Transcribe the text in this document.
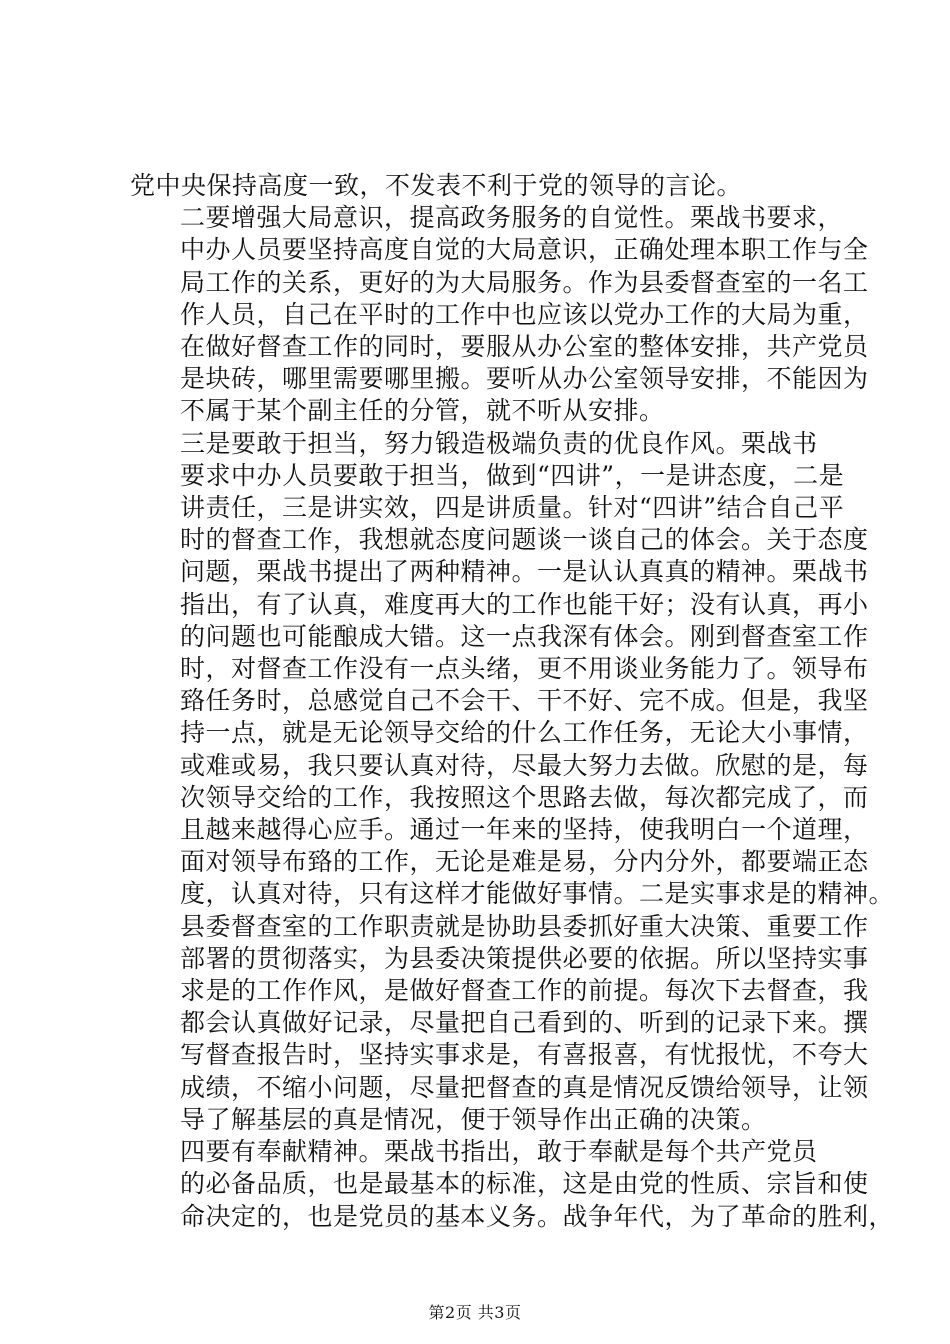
党中央保持高度一致，不发表不利于党的领导的言论。

二要增强大局意识，提高政务服务的自觉性。栗战书要求，
中办人员要坚持高度自觉的大局意识，正确处理本职工作与全
局工作的关系，更好的为大局服务。作为县委督查室的一名工
作人员，自己在平时的工作中也应该以党办工作的大局为重，
在做好督查工作的同时，要服从办公室的整体安排，共产党员
是块砖，哪里需要哪里搬。要听从办公室领导安排，不能因为
不属于某个副主任的分管，就不听从安排。

三是要敢于担当，努力锻造极端负责的优良作风。栗战书
要求中办人员要敢于担当，做到“四讲”，一是讲态度，二是
讲责任，三是讲实效，四是讲质量。针对“四讲”结合自己平
时的督查工作，我想就态度问题谈一谈自己的体会。关于态度
问题，栗战书提出了两种精神。一是认认真真的精神。栗战书
指出，有了认真，难度再大的工作也能干好；没有认真，再小
的问题也可能酿成大错。这一点我深有体会。刚到督查室工作
时，对督查工作没有一点头绪，更不用谈业务能力了。领导布
臵任务时，总感觉自己不会干、干不好、完不成。但是，我坚
持一点，就是无论领导交给的什么工作任务，无论大小事情，
或难或易，我只要认真对待，尽最大努力去做。欣慰的是，每
次领导交给的工作，我按照这个思路去做，每次都完成了，而
且越来越得心应手。通过一年来的坚持，使我明白一个道理，
面对领导布臵的工作，无论是难是易，分内分外，都要端正态
度，认真对待，只有这样才能做好事情。二是实事求是的精神。
县委督查室的工作职责就是协助县委抓好重大决策、重要工作
部署的贯彻落实，为县委决策提供必要的依据。所以坚持实事
求是的工作作风，是做好督查工作的前提。每次下去督查，我
都会认真做好记录，尽量把自己看到的、听到的记录下来。撰
写督查报告时，坚持实事求是，有喜报喜，有忧报忧，不夸大
成绩，不缩小问题，尽量把督查的真是情况反馈给领导，让领
导了解基层的真是情况，便于领导作出正确的决策。

四要有奉献精神。栗战书指出，敢于奉献是每个共产党员
的必备品质，也是最基本的标准，这是由党的性质、宗旨和使
命决定的，也是党员的基本义务。战争年代，为了革命的胜利，

第2页 共3页
